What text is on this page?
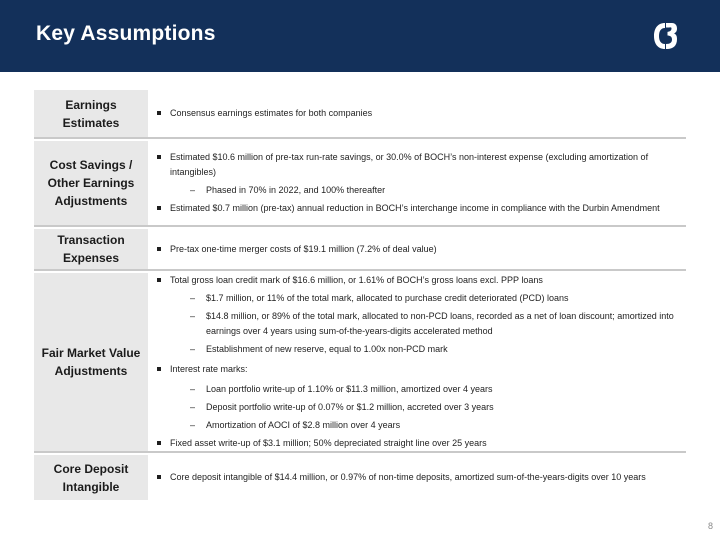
Key Assumptions
Earnings
Estimates
Consensus earnings estimates for both companies
Cost Savings /
Other Earnings
Adjustments
Estimated $10.6 million of pre-tax run-rate savings, or 30.0% of BOCH’s non-interest expense (excluding amortization of intangibles)
– Phased in 70% in 2022, and 100% thereafter
Estimated $0.7 million (pre-tax) annual reduction in BOCH’s interchange income in compliance with the Durbin Amendment
Transaction
Expenses
Pre-tax one-time merger costs of $19.1 million (7.2% of deal value)
Fair Market Value
Adjustments
Total gross loan credit mark of $16.6 million, or 1.61% of BOCH’s gross loans excl. PPP loans
– $1.7 million, or 11% of the total mark, allocated to purchase credit deteriorated (PCD) loans
– $14.8 million, or 89% of the total mark, allocated to non-PCD loans, recorded as a net of loan discount; amortized into earnings over 4 years using sum-of-the-years-digits accelerated method
– Establishment of new reserve, equal to 1.00x non-PCD mark
Interest rate marks:
– Loan portfolio write-up of 1.10% or $11.3 million, amortized over 4 years
– Deposit portfolio write-up of 0.07% or $1.2 million, accreted over 3 years
– Amortization of AOCI of $2.8 million over 4 years
Fixed asset write-up of $3.1 million; 50% depreciated straight line over 25 years
Core Deposit
Intangible
Core deposit intangible of $14.4 million, or 0.97% of non-time deposits, amortized sum-of-the-years-digits over 10 years
8
